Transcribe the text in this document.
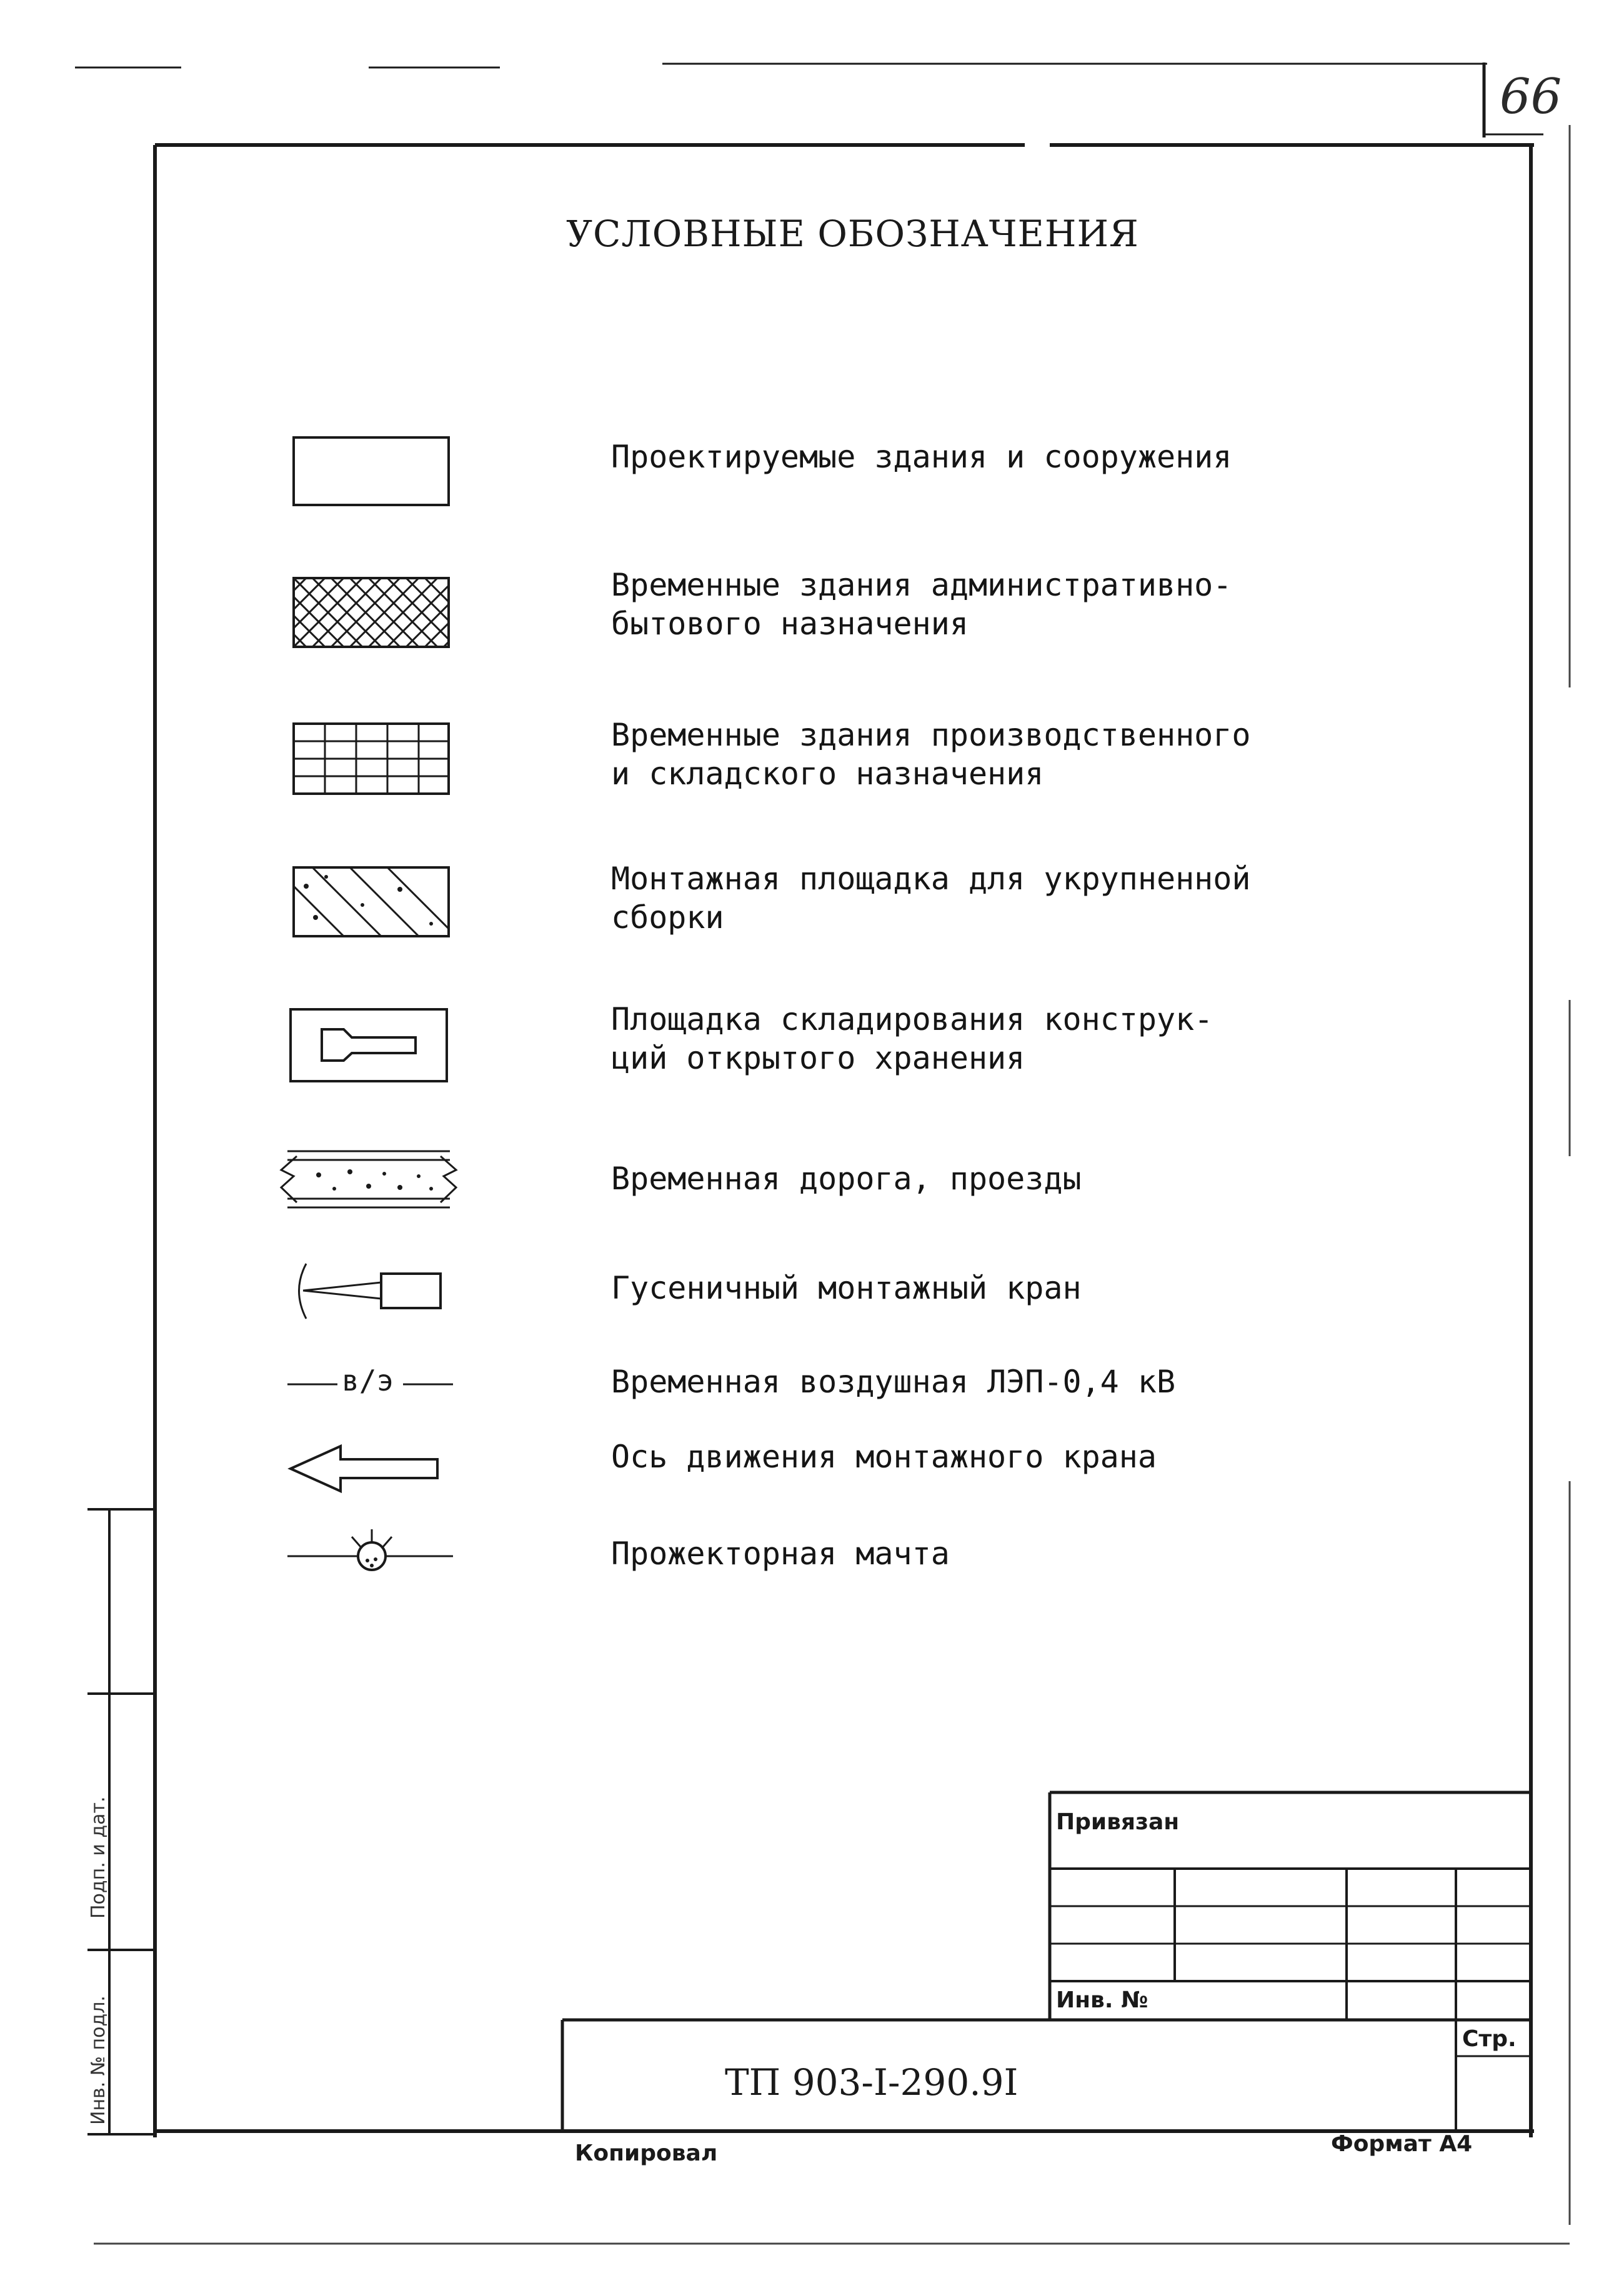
66
УСЛОВНЫЕ ОБОЗНАЧЕНИЯ
в/э
Проектируемые здания и сооружения
Временные здания административно-
бытового назначения
Временные здания производственного
и складского назначения
Монтажная площадка для укрупненной
сборки
Площадка складирования конструк-
ций открытого хранения
Временная дорога, проезды
Гусеничный монтажный кран
Временная воздушная ЛЭП-0,4 кВ
Ось движения монтажного крана
Прожекторная мачта
Привязан
Инв. №
Стр.
ТП 903-I-290.9I
Копировал	Формат А4
Подп. и дат.
Инв. № подл.
